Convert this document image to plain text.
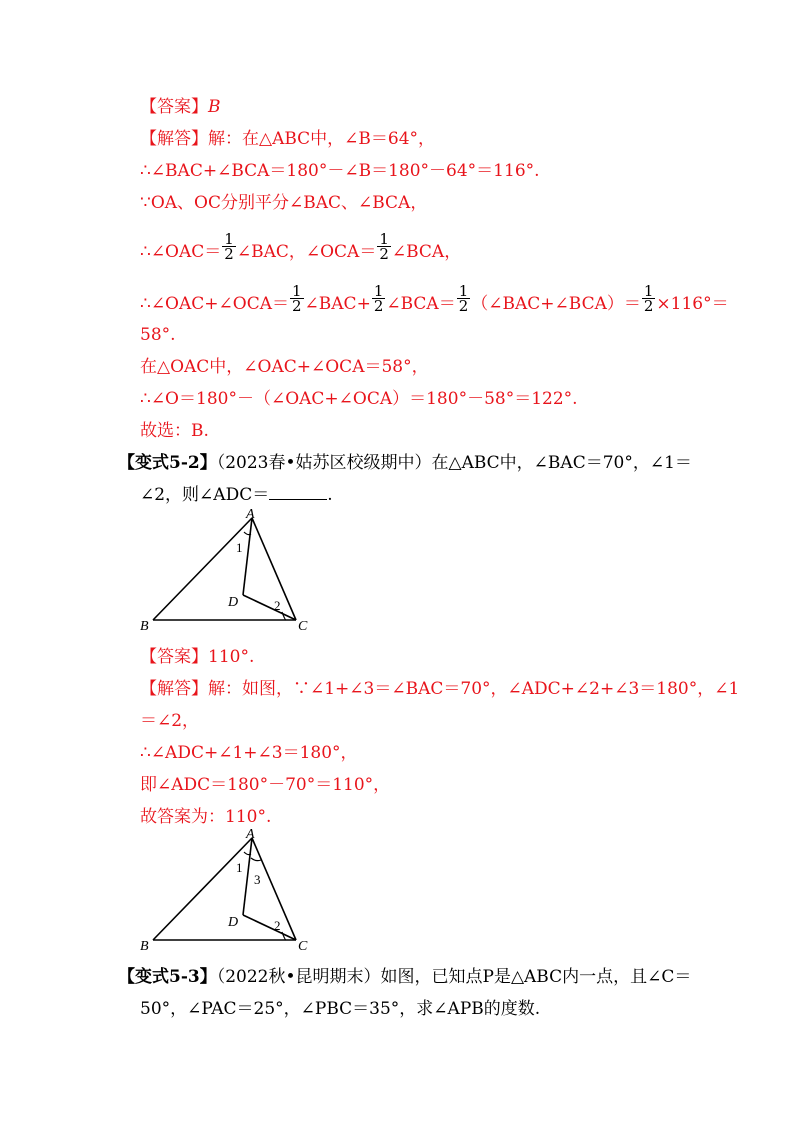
【答案】B
【解答】解：在△ABC中，∠B＝64°，
∴∠BAC+∠BCA＝180°－∠B＝180°－64°＝116°.
∵OA、OC分别平分∠BAC、∠BCA，
∴∠OAC＝ $\frac{1}{2}$ ∠BAC，∠OCA＝ $\frac{1}{2}$ ∠BCA，
∴∠OAC+∠OCA＝ $\frac{1}{2}$ ∠BAC+ $\frac{1}{2}$ ∠BCA＝ $\frac{1}{2}$ （∠BAC+∠BCA）＝ $\frac{1}{2} \times 116^\circ=$
58°.
在△OAC中，∠OAC+∠OCA＝58°，
∴∠O＝180°－（∠OAC+∠OCA）＝180°－58°＝122°.
故选：B.
【变式5-2】（2023春•姑苏区校级期中）在△ABC中，∠BAC＝70°，∠1＝
∠2，则∠ADC＝	.
A
B	C
D
1
2
【答案】110°.
【解答】解：如图，∵∠1+∠3＝∠BAC＝70°，∠ADC+∠2+∠3＝180°，∠1
＝∠2，
∴∠ADC+∠1+∠3＝180°，
即∠ADC＝180°－70°＝110°，
故答案为：110°.
A
B	C
D
1
3
2
【变式5-3】（2022秋•昆明期末）如图，已知点P是△ABC内一点，且∠C＝
50°，∠PAC＝25°，∠PBC＝35°，求∠APB的度数.
